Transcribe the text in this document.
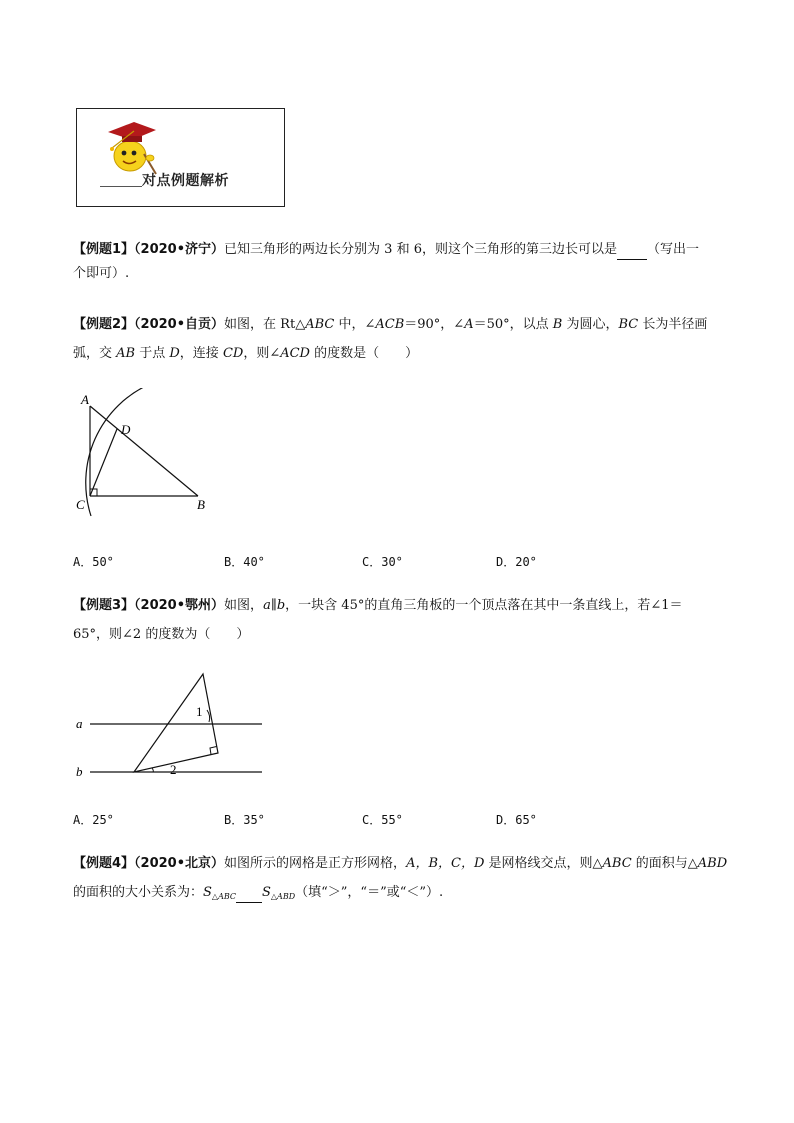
对点例题解析
【例题1】（2020•济宁）已知三角形的两边长分别为 3 和 6，则这个三角形的第三边长可以是 （写出一
个即可）.
【例题2】（2020•自贡）如图，在 Rt△ABC 中，∠ACB＝90°，∠A＝50°，以点 B 为圆心，BC 长为半径画
弧，交 AB 于点 D，连接 CD，则∠ACD 的度数是（　　）
A
D
C	B
A．50°	B．40°	C．30°	D．20°
【例题3】（2020•鄂州）如图，a∥b，一块含 45°的直角三角板的一个顶点落在其中一条直线上，若∠1＝
65°，则∠2 的度数为（　　）
a
b
1
2
A．25°	B．35°	C．55°	D．65°
【例题4】（2020•北京）如图所示的网格是正方形网格，A，B，C，D 是网格线交点，则△ABC 的面积与△ABD
的面积的大小关系为：$S_{\triangle ABC}$ $S_{\triangle ABD}$（填“＞”，“＝”或“＜”）.
